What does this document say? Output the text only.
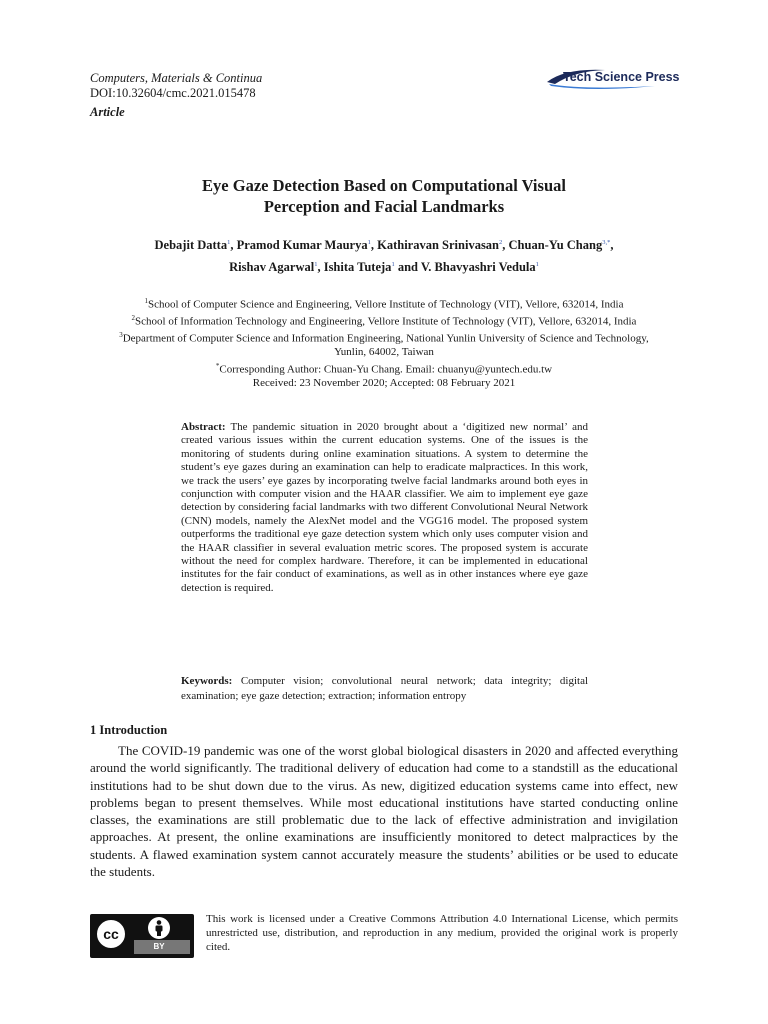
Computers, Materials & Continua
DOI:10.32604/cmc.2021.015478
Article
Tech Science Press
Eye Gaze Detection Based on Computational Visual
Perception and Facial Landmarks
Debajit Datta$^1$, Pramod Kumar Maurya$^1$, Kathiravan Srinivasan$^2$, Chuan-Yu Chang$^{3,*}$,
Rishav Agarwal$^1$, Ishita Tuteja$^1$ and V. Bhavyashri Vedula$^1$
$^1$School of Computer Science and Engineering, Vellore Institute of Technology (VIT), Vellore, 632014, India
$^2$School of Information Technology and Engineering, Vellore Institute of Technology (VIT), Vellore, 632014, India
$^3$Department of Computer Science and Information Engineering, National Yunlin University of Science and Technology,
Yunlin, 64002, Taiwan
*Corresponding Author: Chuan-Yu Chang. Email: chuanyu@yuntech.edu.tw
Received: 23 November 2020; Accepted: 08 February 2021
Abstract: The pandemic situation in 2020 brought about a ‘digitized new normal’ and created various issues within the current education systems. One of the issues is the monitoring of students during online examination situations. A system to determine the student’s eye gazes during an examination can help to eradicate malpractices. In this work, we track the users’ eye gazes by incorporating twelve facial landmarks around both eyes in conjunction with computer vision and the HAAR classifier. We aim to implement eye gaze detection by considering facial landmarks with two different Convolutional Neural Network (CNN) models, namely the AlexNet model and the VGG16 model. The proposed system outperforms the traditional eye gaze detection system which only uses computer vision and the HAAR classifier in several evaluation metric scores. The proposed system is accurate without the need for complex hardware. Therefore, it can be implemented in educational institutes for the fair conduct of examinations, as well as in other instances where eye gaze detection is required.
Keywords: Computer vision; convolutional neural network; data integrity; digital examination; eye gaze detection; extraction; information entropy
1 Introduction
The COVID-19 pandemic was one of the worst global biological disasters in 2020 and affected everything around the world significantly. The traditional delivery of education had come to a standstill as the educational institutions had to be shut down due to the virus. As new, digitized education systems came into effect, new problems began to present themselves. While most educational institutions have started conducting online classes, the examinations are still problematic due to the lack of effective administration and invigilation approaches. At present, the online examinations are insufficiently monitored to detect malpractices by the students. A flawed examination system cannot accurately measure the students’ abilities or be used to educate the students.
cc
BY
This work is licensed under a Creative Commons Attribution 4.0 International License, which permits unrestricted use, distribution, and reproduction in any medium, provided the original work is properly cited.
